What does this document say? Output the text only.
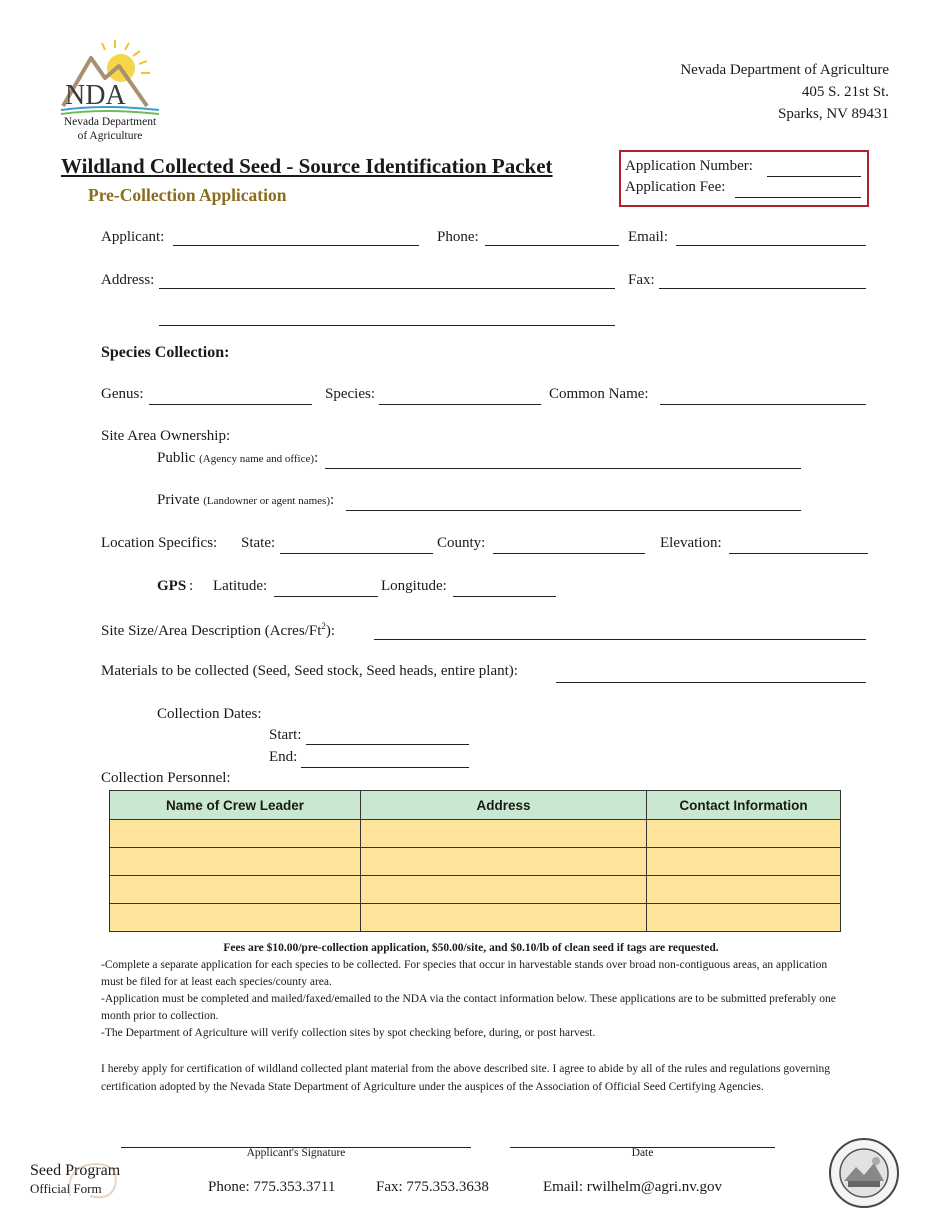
NDA
Nevada Department
of Agriculture
Nevada Department of Agriculture
405 S. 21st St.
Sparks, NV 89431
Wildland Collected Seed - Source Identification Packet
Pre-Collection Application
Application Number:
Application Fee:
Applicant:	Phone:	Email:
Address:	Fax:
Species Collection:
Genus:	Species:	Common Name:
Site Area Ownership:
Public (Agency name and office):
Private (Landowner or agent names):
Location Specifics: State:	County:	Elevation:
GPS : Latitude:	Longitude:
Site Size/Area Description (Acres/Ft$^2$):
Materials to be collected (Seed, Seed stock, Seed heads, entire plant):
Collection Dates:
Start:
End:
Collection Personnel:
Name of Crew Leader	Address	Contact Information

Fees are $10.00/pre-collection application, $50.00/site, and $0.10/lb of clean seed if tags are requested.
-Complete a separate application for each species to be collected. For species that occur in harvestable stands over broad non-contiguous areas, an application must be filed for at least each species/county area.
-Application must be completed and mailed/faxed/emailed to the NDA via the contact information below. These applications are to be submitted preferably one month prior to collection.
-The Department of Agriculture will verify collection sites by spot checking before, during, or post harvest.
I hereby apply for certification of wildland collected plant material from the above described site. I agree to abide by all of the rules and regulations governing certification adopted by the Nevada State Department of Agriculture under the auspices of the Association of Official Seed Certifying Agencies.
Applicant's Signature	Date
Seed Program
Official Form	Phone: 775.353.3711	Fax: 775.353.3638	Email: rwilhelm@agri.nv.gov
